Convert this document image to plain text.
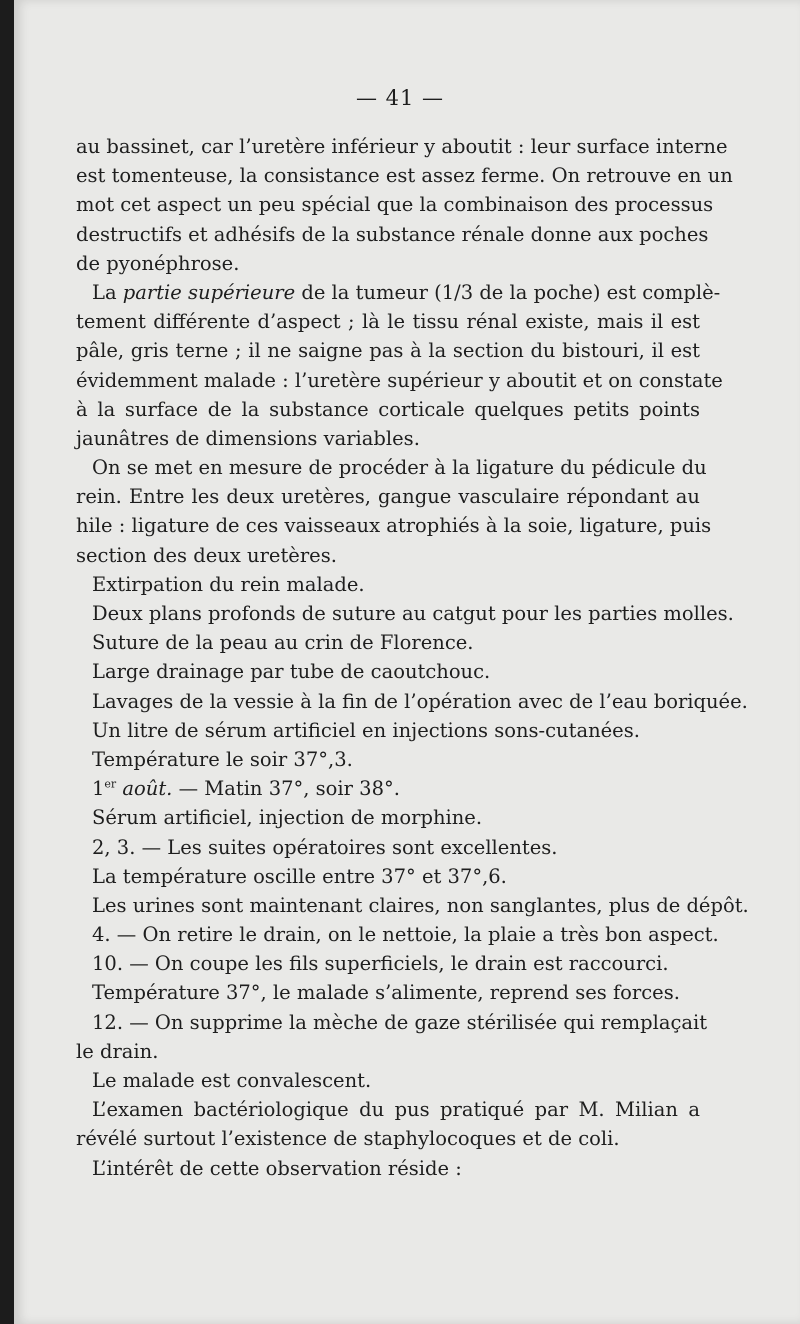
— 41 —

au bassinet, car l’uretère inférieur y aboutit : leur surface interne

est tomenteuse, la consistance est assez ferme. On retrouve en un

mot cet aspect un peu spécial que la combinaison des processus

destructifs et adhésifs de la substance rénale donne aux poches

de pyonéphrose.

La partie supérieure de la tumeur (1/3 de la poche) est complè-

tement différente d’aspect ; là le tissu rénal existe, mais il est

pâle, gris terne ; il ne saigne pas à la section du bistouri, il est

évidemment malade : l’uretère supérieur y aboutit et on constate

à la surface de la substance corticale quelques petits points

jaunâtres de dimensions variables.

On se met en mesure de procéder à la ligature du pédicule du

rein. Entre les deux uretères, gangue vasculaire répondant au

hile : ligature de ces vaisseaux atrophiés à la soie, ligature, puis

section des deux uretères.

Extirpation du rein malade.

Deux plans profonds de suture au catgut pour les parties molles.

Suture de la peau au crin de Florence.

Large drainage par tube de caoutchouc.

Lavages de la vessie à la fin de l’opération avec de l’eau boriquée.

Un litre de sérum artificiel en injections sons-cutanées.

Température le soir 37°,3.

1er août. — Matin 37°, soir 38°.

Sérum artificiel, injection de morphine.

2, 3. — Les suites opératoires sont excellentes.

La température oscille entre 37° et 37°,6.

Les urines sont maintenant claires, non sanglantes, plus de dépôt.

4. — On retire le drain, on le nettoie, la plaie a très bon aspect.

10. — On coupe les fils superficiels, le drain est raccourci.

Température 37°, le malade s’alimente, reprend ses forces.

12. — On supprime la mèche de gaze stérilisée qui remplaçait

le drain.

Le malade est convalescent.

L’examen bactériologique du pus pratiqué par M. Milian a

révélé surtout l’existence de staphylocoques et de coli.

L’intérêt de cette observation réside :
